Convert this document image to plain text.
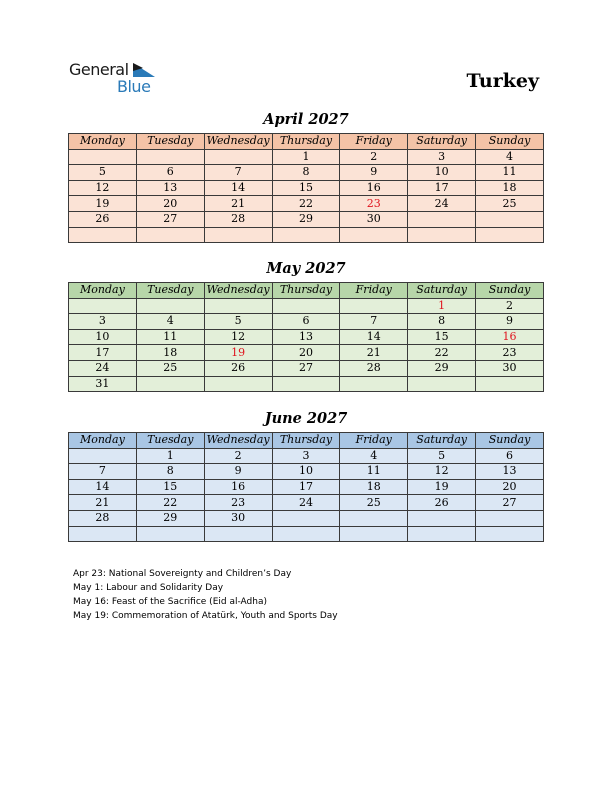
General
Blue	Turkey
April 2027
Monday	Tuesday	Wednesday	Thursday	Friday	Saturday	Sunday
			1	2	3	4
5	6	7	8	9	10	11
12	13	14	15	16	17	18
19	20	21	22	23	24	25
26	27	28	29	30		

May 2027
Monday	Tuesday	Wednesday	Thursday	Friday	Saturday	Sunday
					1	2
3	4	5	6	7	8	9
10	11	12	13	14	15	16
17	18	19	20	21	22	23
24	25	26	27	28	29	30
31						
June 2027
Monday	Tuesday	Wednesday	Thursday	Friday	Saturday	Sunday
	1	2	3	4	5	6
7	8	9	10	11	12	13
14	15	16	17	18	19	20
21	22	23	24	25	26	27
28	29	30				

Apr 23: National Sovereignty and Children’s Day
May 1: Labour and Solidarity Day
May 16: Feast of the Sacrifice (Eid al-Adha)
May 19: Commemoration of Atatürk, Youth and Sports Day
